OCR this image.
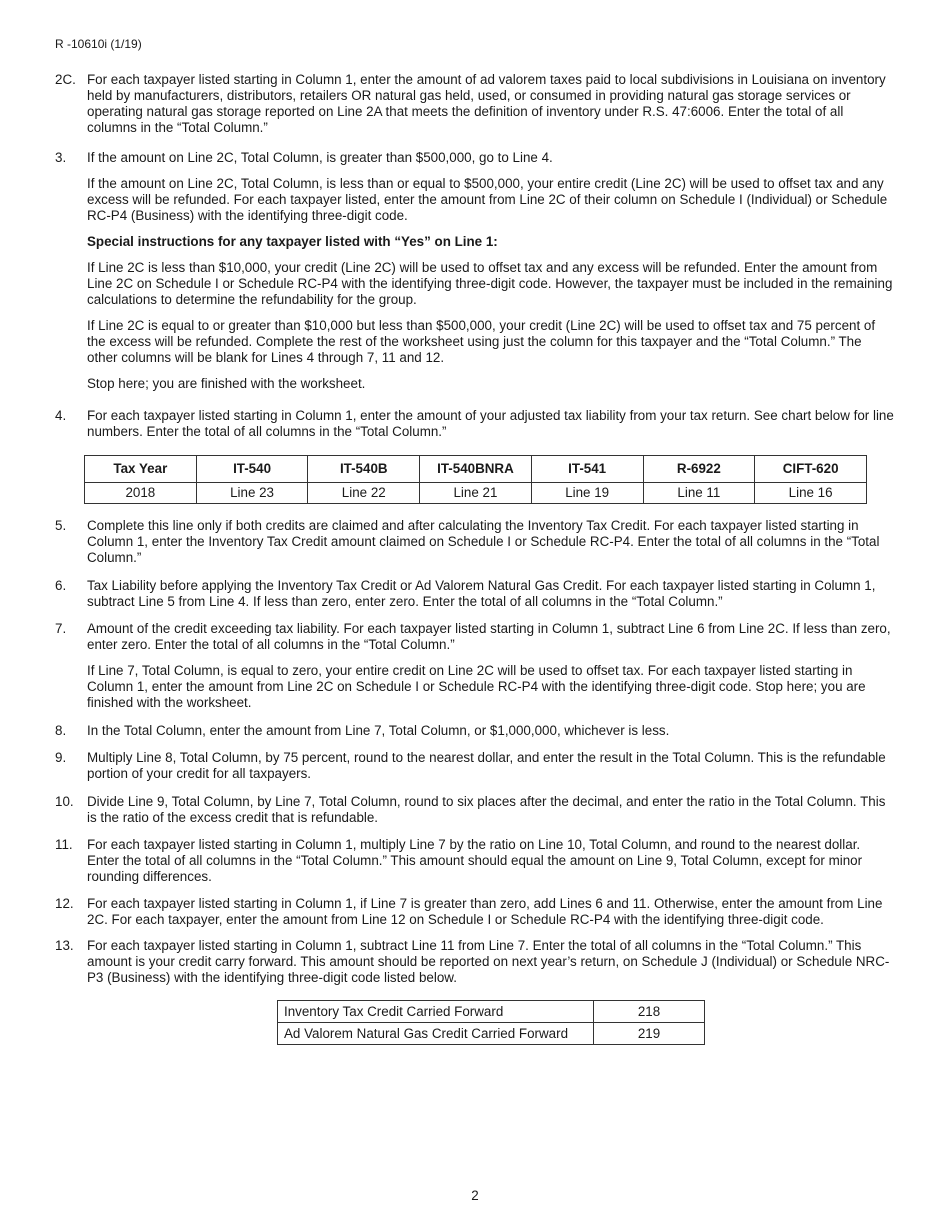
R -10610i (1/19)
2C. For each taxpayer listed starting in Column 1, enter the amount of ad valorem taxes paid to local subdivisions in Louisiana on inventory held by manufacturers, distributors, retailers OR natural gas held, used, or consumed in providing natural gas storage services or operating natural gas storage reported on Line 2A that meets the definition of inventory under R.S. 47:6006. Enter the total of all columns in the “Total Column.”

3.	If the amount on Line 2C, Total Column, is greater than $500,000, go to Line 4.

If the amount on Line 2C, Total Column, is less than or equal to $500,000, your entire credit (Line 2C) will be used to offset tax and any excess will be refunded. For each taxpayer listed, enter the amount from Line 2C of their column on Schedule I (Individual) or Schedule RC-P4 (Business) with the identifying three-digit code.

Special instructions for any taxpayer listed with “Yes” on Line 1:

If Line 2C is less than $10,000, your credit (Line 2C) will be used to offset tax and any excess will be refunded. Enter the amount from Line 2C on Schedule I or Schedule RC-P4 with the identifying three-digit code. However, the taxpayer must be included in the remaining calculations to determine the refundability for the group.

If Line 2C is equal to or greater than $10,000 but less than $500,000, your credit (Line 2C) will be used to offset tax and 75 percent of the excess will be refunded. Complete the rest of the worksheet using just the column for this taxpayer and the “Total Column.” The other columns will be blank for Lines 4 through 7, 11 and 12.

Stop here; you are finished with the worksheet.

4.	For each taxpayer listed starting in Column 1, enter the amount of your adjusted tax liability from your tax return. See chart below for line numbers. Enter the total of all columns in the “Total Column.”

Tax Year	IT-540	IT-540B	IT-540BNRA	IT-541	R-6922	CIFT-620
2018	Line 23	Line 22	Line 21	Line 19	Line 11	Line 16
5.	Complete this line only if both credits are claimed and after calculating the Inventory Tax Credit. For each taxpayer listed starting in Column 1, enter the Inventory Tax Credit amount claimed on Schedule I or Schedule RC-P4. Enter the total of all columns in the “Total Column.”

6.	Tax Liability before applying the Inventory Tax Credit or Ad Valorem Natural Gas Credit. For each taxpayer listed starting in Column 1, subtract Line 5 from Line 4. If less than zero, enter zero. Enter the total of all columns in the “Total Column.”

7.	Amount of the credit exceeding tax liability. For each taxpayer listed starting in Column 1, subtract Line 6 from Line 2C. If less than zero, enter zero. Enter the total of all columns in the “Total Column.”

If Line 7, Total Column, is equal to zero, your entire credit on Line 2C will be used to offset tax. For each taxpayer listed starting in Column 1, enter the amount from Line 2C on Schedule I or Schedule RC-P4 with the identifying three-digit code. Stop here; you are finished with the worksheet.

8.	In the Total Column, enter the amount from Line 7, Total Column, or $1,000,000, whichever is less.

9.	Multiply Line 8, Total Column, by 75 percent, round to the nearest dollar, and enter the result in the Total Column. This is the refundable portion of your credit for all taxpayers.

10. Divide Line 9, Total Column, by Line 7, Total Column, round to six places after the decimal, and enter the ratio in the Total Column. This is the ratio of the excess credit that is refundable.

11.	For each taxpayer listed starting in Column 1, multiply Line 7 by the ratio on Line 10, Total Column, and round to the nearest dollar. Enter the total of all columns in the “Total Column.” This amount should equal the amount on Line 9, Total Column, except for minor rounding differences.

12. For each taxpayer listed starting in Column 1, if Line 7 is greater than zero, add Lines 6 and 11. Otherwise, enter the amount from Line 2C. For each taxpayer, enter the amount from Line 12 on Schedule I or Schedule RC-P4 with the identifying three-digit code.

13. For each taxpayer listed starting in Column 1, subtract Line 11 from Line 7. Enter the total of all columns in the “Total Column.” This amount is your credit carry forward. This amount should be reported on next year’s return, on Schedule J (Individual) or Schedule NRC-P3 (Business) with the identifying three-digit code listed below.

Inventory Tax Credit Carried Forward	218
Ad Valorem Natural Gas Credit Carried Forward	219
2
